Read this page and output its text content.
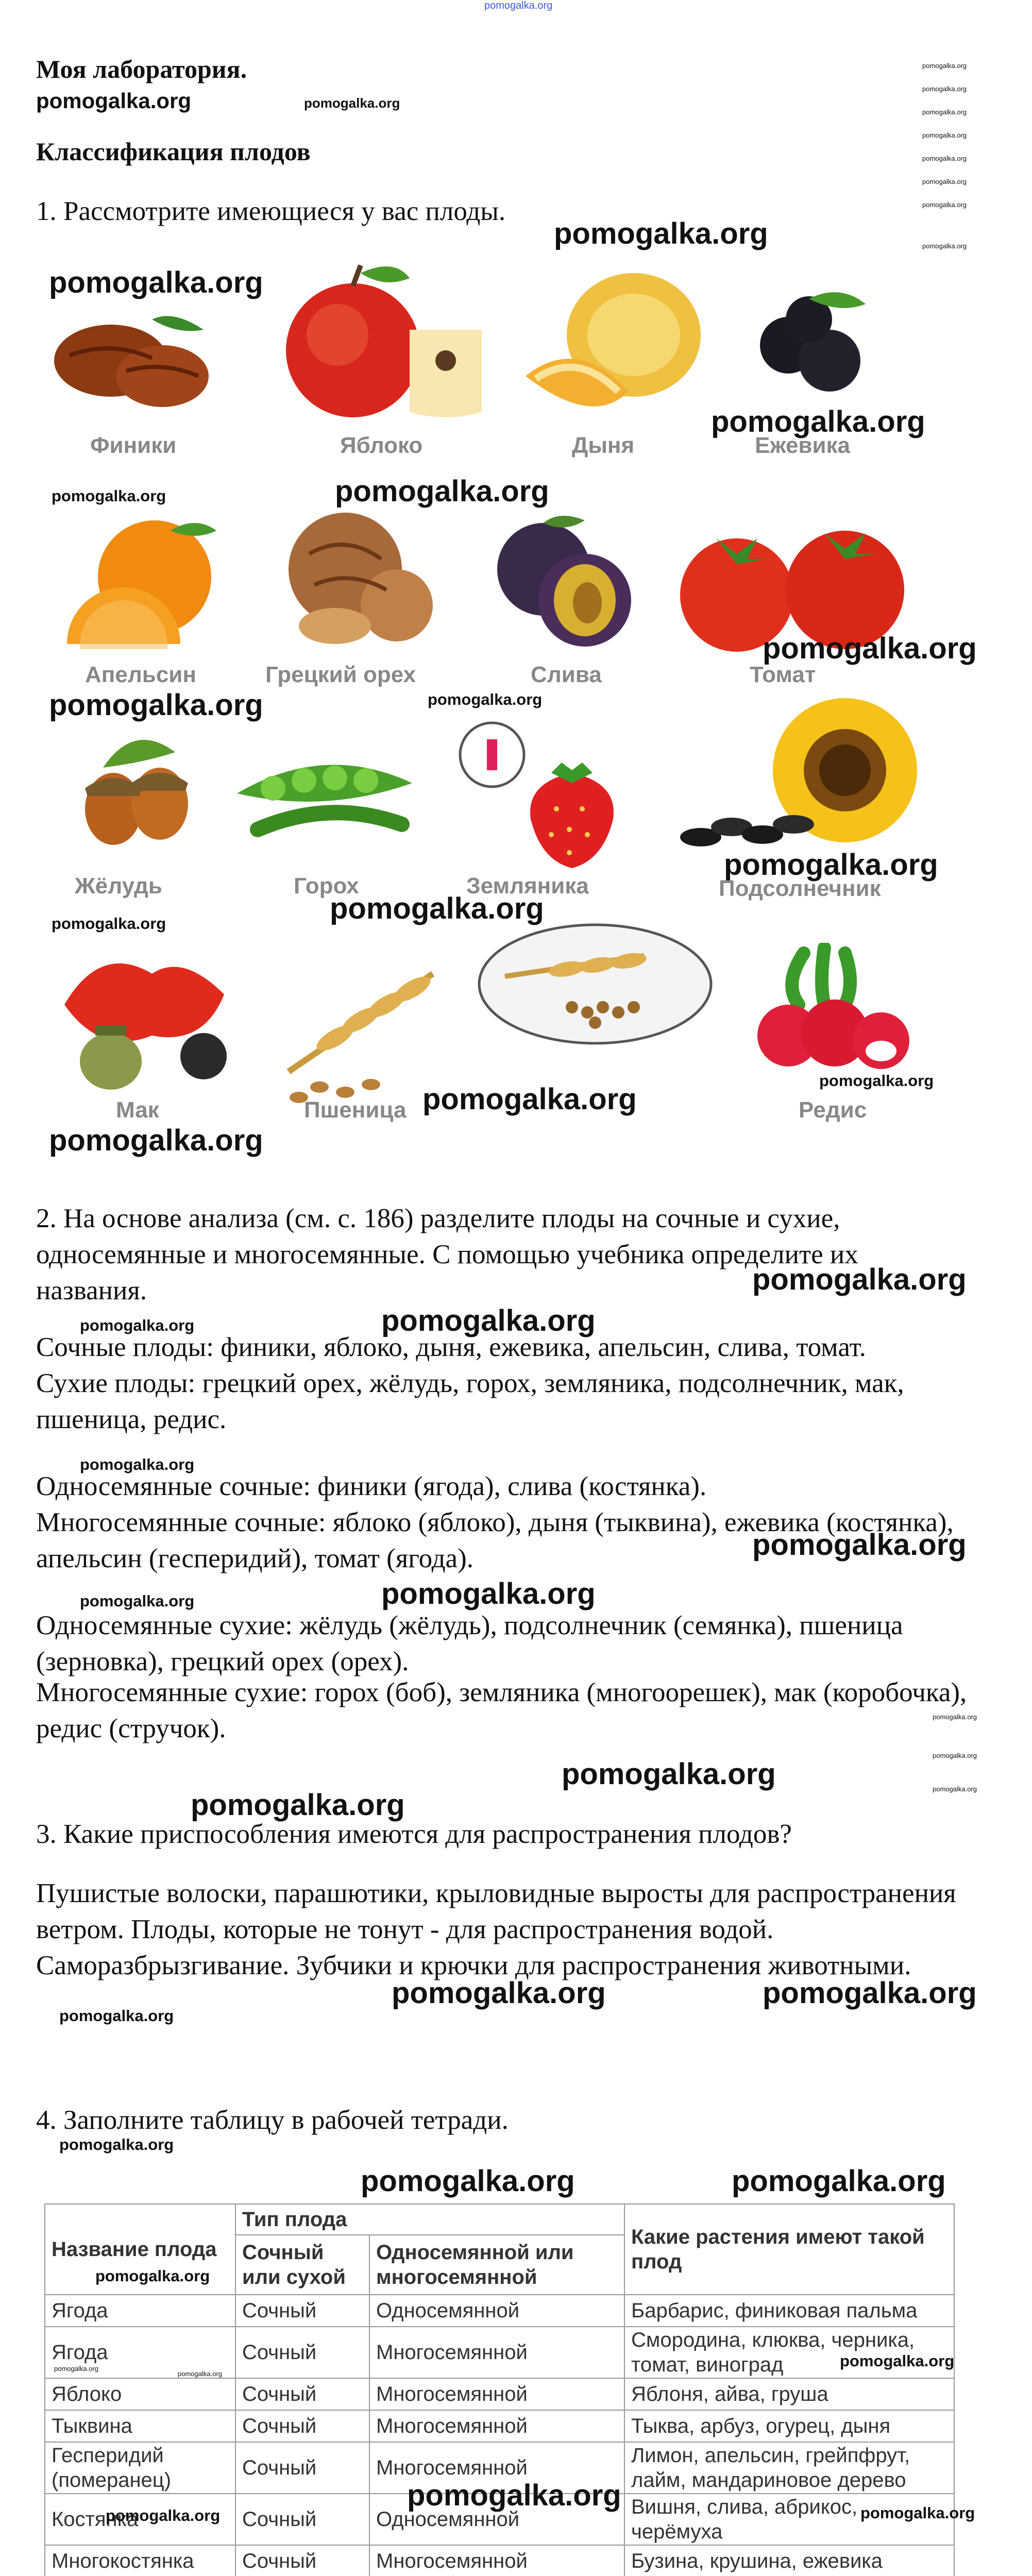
pomogalka.org
Моя лаборатория.
pomogalka.org	pomogalka.org
Классификация плодов
pomogalka.org
pomogalka.org
pomogalka.org
pomogalka.org
pomogalka.org
pomogalka.org
pomogalka.org
pomogalka.org
1. Рассмотрите имеющиеся у вас плоды.
pomogalka.org
pomogalka.org
Финики	Яблоко	Дыня
pomogalka.org
Ежевика
pomogalka.org	pomogalka.org
Апельсин	Грецкий орех	Слива
pomogalka.org
Томат
pomogalka.org	pomogalka.org
Жёлудь	Горох	Земляника
pomogalka.org
Подсолнечник
pomogalka.org	pomogalka.org
Мак	Пшеница
pomogalka.org
pomogalka.org	Редис
pomogalka.org
2. На основе анализа (см. с. 186) разделите плоды на сочные и сухие, односемянные и многосемянные. С помощью учебника определите их названия.	pomogalka.org
pomogalka.org	pomogalka.org
Сочные плоды: финики, яблоко, дыня, ежевика, апельсин, слива, томат.
Сухие плоды: грецкий орех, жёлудь, горох, земляника, подсолнечник, мак, пшеница, редис.
pomogalka.org
Односемянные сочные: финики (ягода), слива (костянка).
Многосемянные сочные: яблоко (яблоко), дыня (тыквина), ежевика (костянка), апельсин (гесперидий), томат (ягода).	pomogalka.org
pomogalka.org	pomogalka.org
Односемянные сухие: жёлудь (жёлудь), подсолнечник (семянка), пшеница (зерновка), грецкий орех (орех).
Многосемянные сухие: горох (боб), земляника (многоорешек), мак (коробочка), редис (стручок).	pomogalka.org
pomogalka.org
pomogalka.org
pomogalka.org
pomogalka.org
3. Какие приспособления имеются для распространения плодов?
Пушистые волоски, парашютики, крыловидные выросты для распространения ветром. Плоды, которые не тонут - для распространения водой. Саморазбрызгивание. Зубчики и крючки для распространения животными.
pomogalka.org	pomogalka.org
pomogalka.org
4. Заполните таблицу в рабочей тетради.
pomogalka.org
Название плода	Тип плода		Какие растения имеют такой плод
	Сочный или сухой	Односемянной или многосемянной	
Ягода	Сочный	Односемянной	Барбарис, финиковая пальма
Ягода	Сочный	Многосемянной	Смородина, клюква, черника, томат, виноград
Яблоко	Сочный	Многосемянной	Яблоня, айва, груша
Тыквина	Сочный	Многосемянной	Тыква, арбуз, огурец, дыня
Гесперидий (померанец)	Сочный	Многосемянной	Лимон, апельсин, грейпфрут, лайм, мандариновое дерево
Костянка	Сочный	Односемянной	Вишня, слива, абрикос, черёмуха
Многокостянка	Сочный	Многосемянной	Бузина, крушина, ежевика

pomogalka.org	pomogalka.org
pomogalka.org
pomogalka.org
pomogalka.org	pomogalka.org
pomogalka.org
pomogalka.org	pomogalka.org
